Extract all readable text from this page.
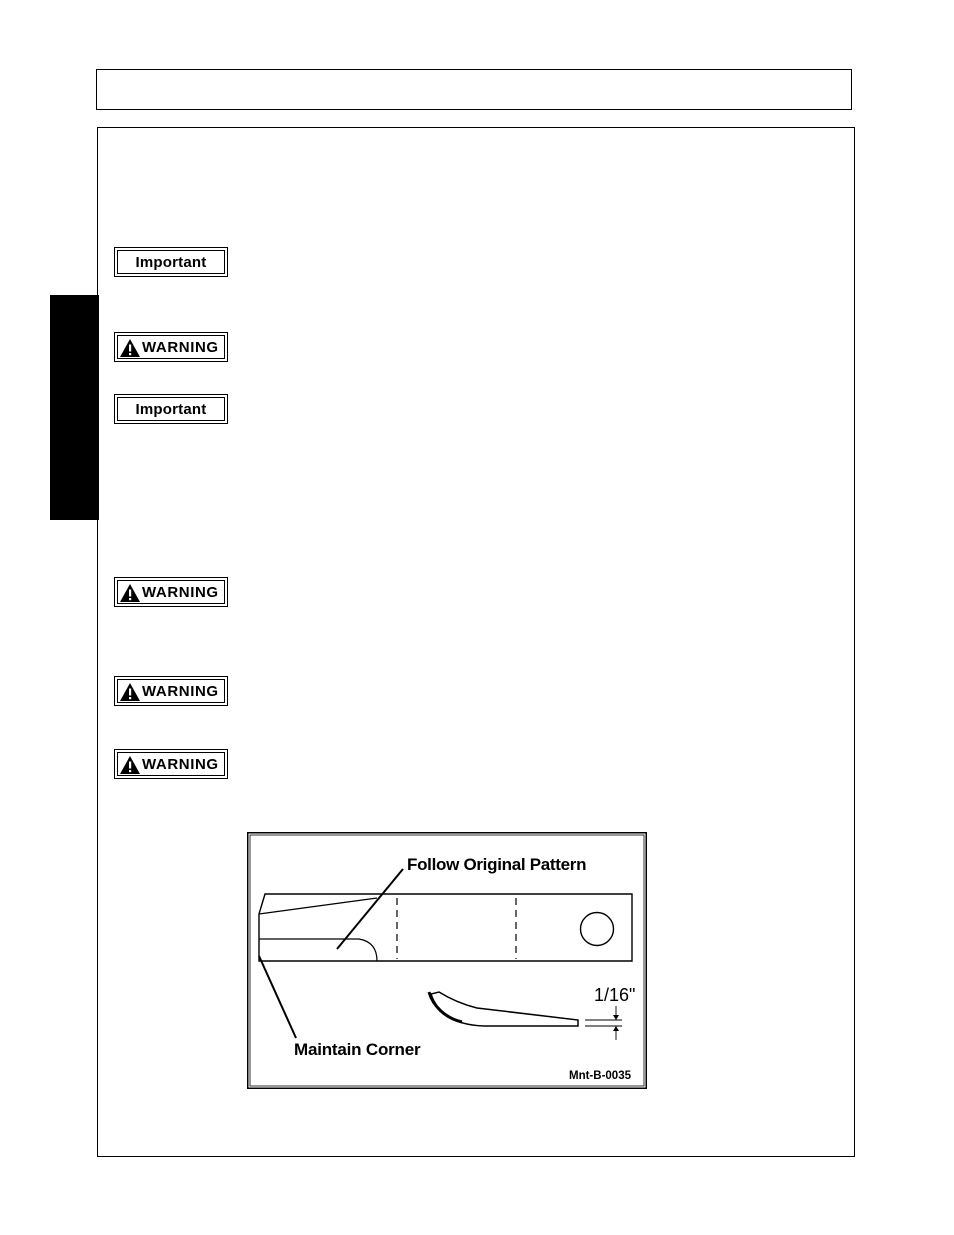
Important
WARNING
Important
WARNING
WARNING
WARNING
Follow Original Pattern
Maintain Corner
1/16"
Mnt-B-0035
